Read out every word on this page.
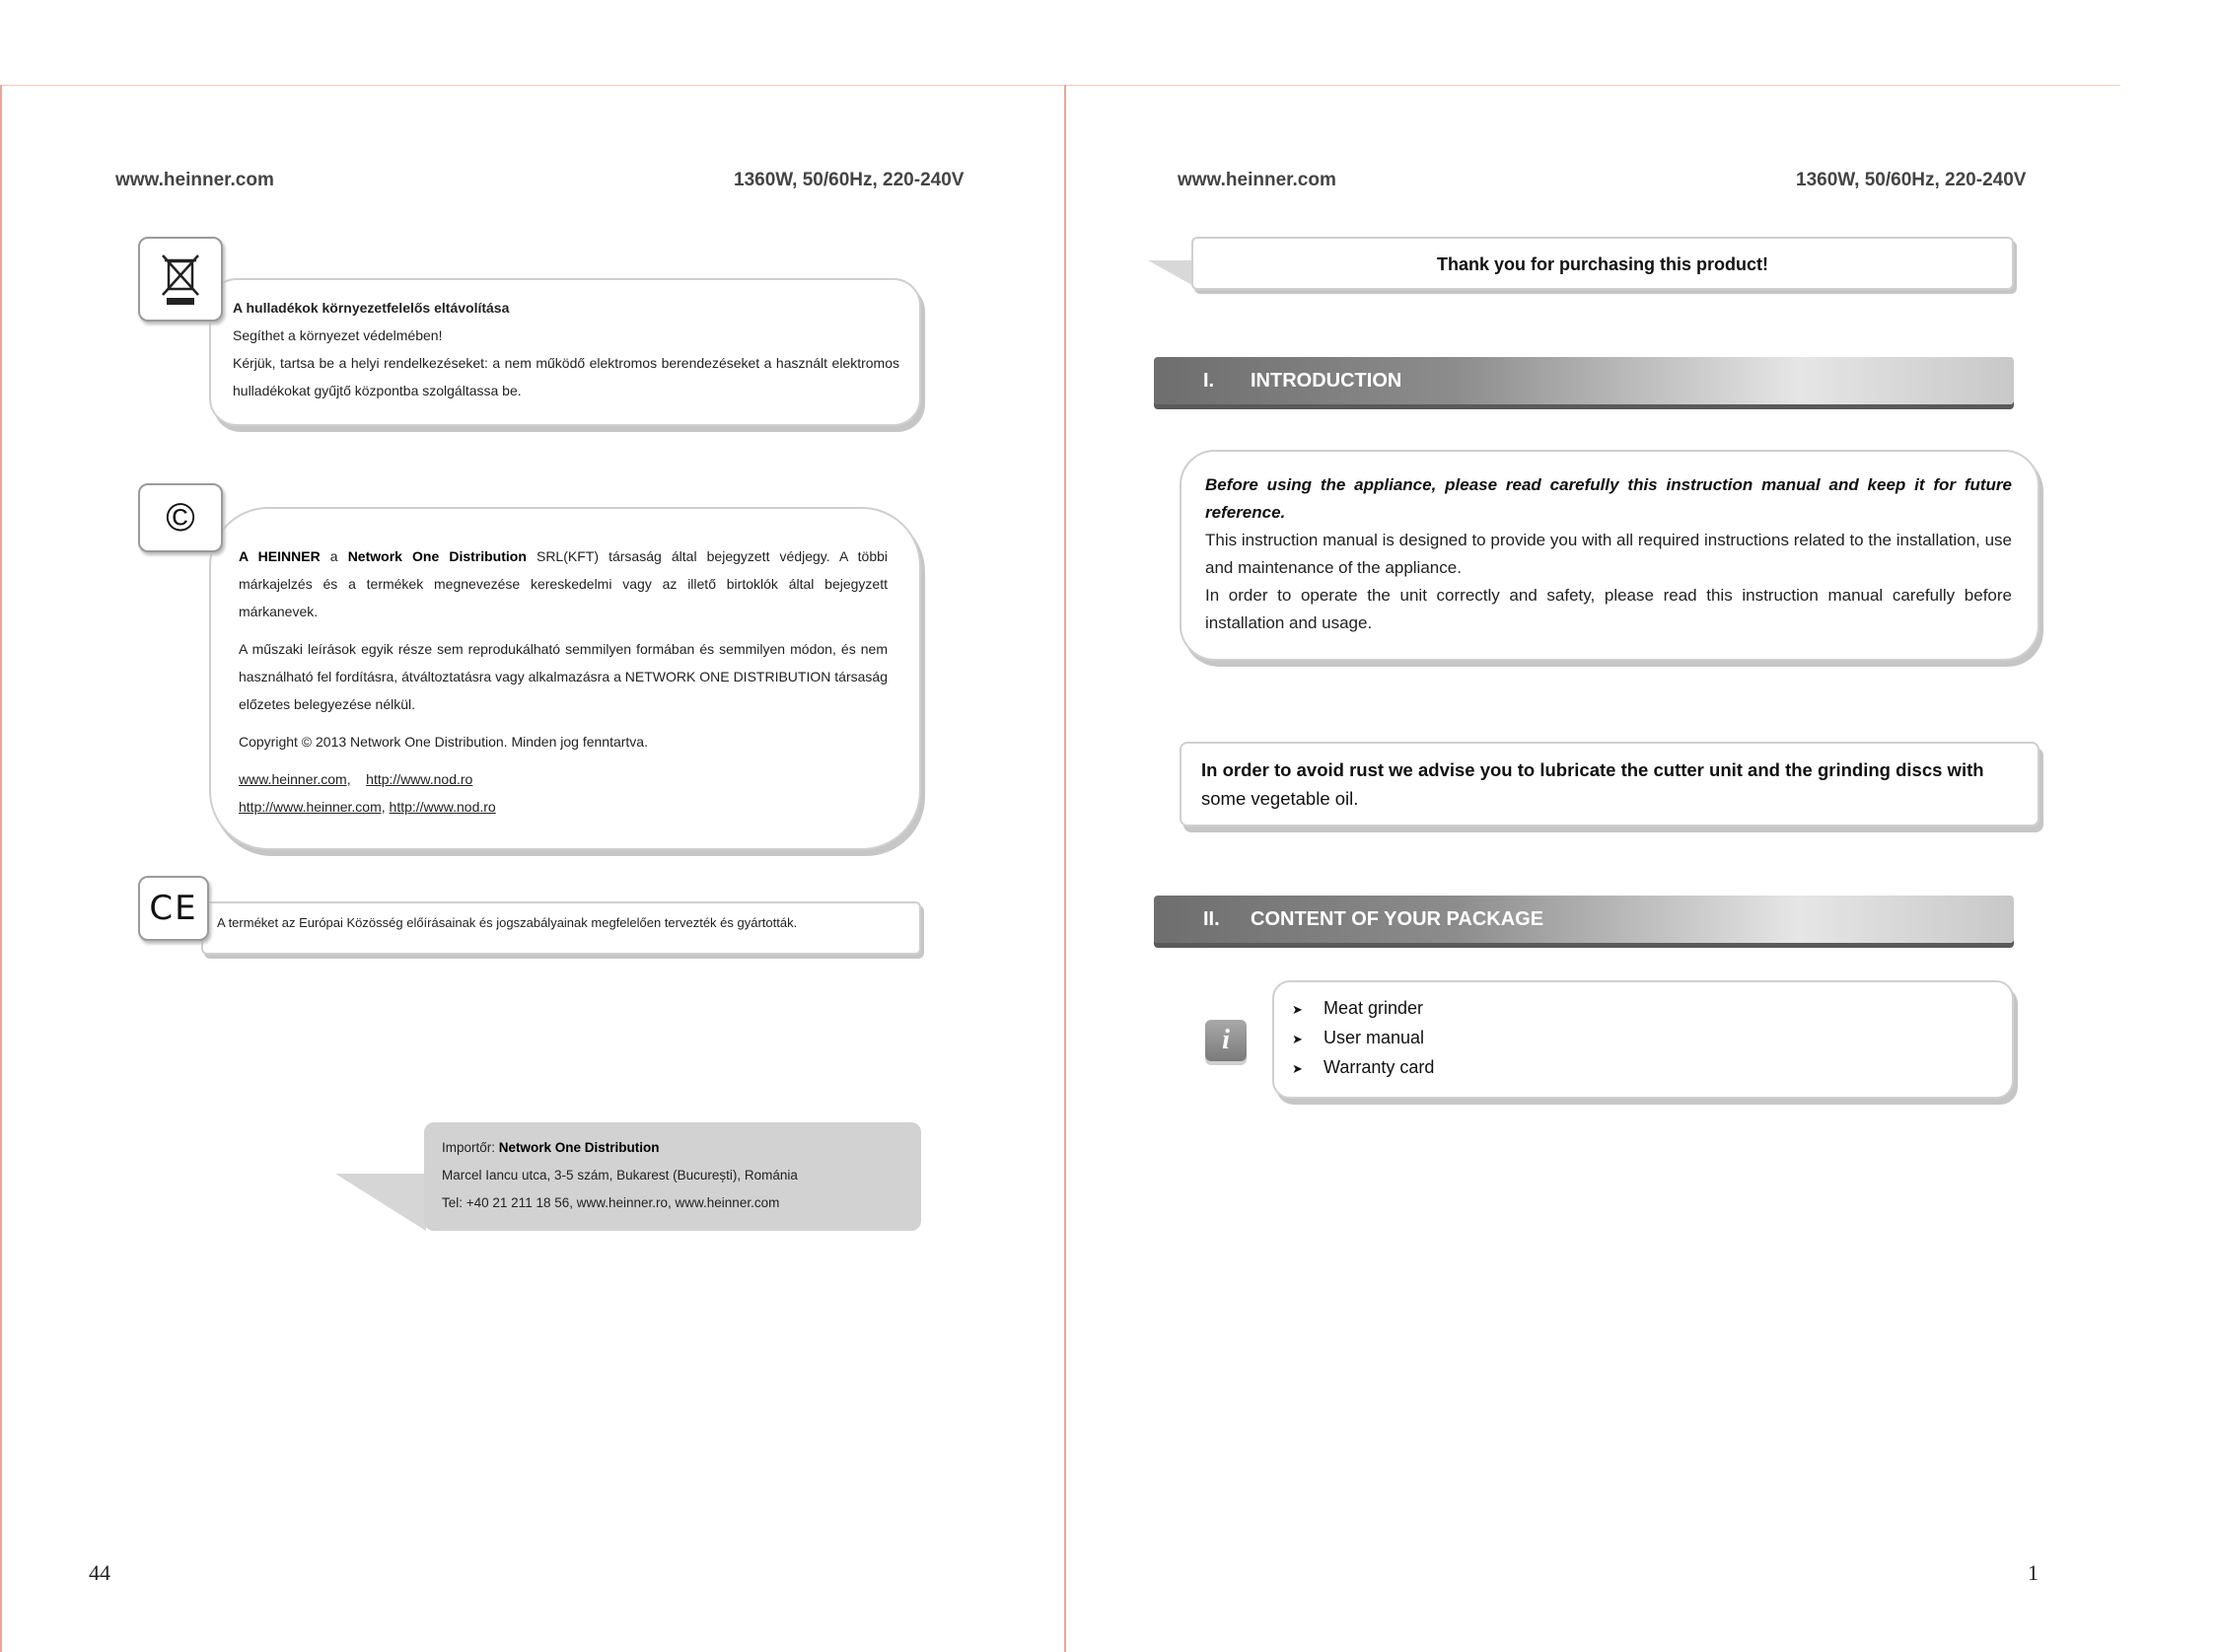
www.heinner.com	1360W, 50/60Hz, 220-240V
A hulladékok környezetfelelős eltávolítása
Segíthet a környezet védelmében!
Kérjük, tartsa be a helyi rendelkezéseket: a nem működő elektromos berendezéseket a használt elektromos hulladékokat gyűjtő központba szolgáltassa be.
A HEINNER a Network One Distribution SRL(KFT) társaság által bejegyzett védjegy. A többi márkajelzés és a termékek megnevezése kereskedelmi vagy az illető birtoklók által bejegyzett márkanevek.
A műszaki leírások egyik része sem reprodukálható semmilyen formában és semmilyen módon, és nem használható fel fordításra, átváltoztatásra vagy alkalmazásra a NETWORK ONE DISTRIBUTION társaság előzetes belegyezése nélkül.
Copyright © 2013 Network One Distribution. Minden jog fenntartva.
www.heinner.com, http://www.nod.ro
http://www.heinner.com, http://www.nod.ro
©
A terméket az Európai Közösség előírásainak és jogszabályainak megfelelően tervezték és gyártották.
CE
Importőr: Network One Distribution
Marcel Iancu utca, 3-5 szám, Bukarest (București), Románia
Tel: +40 21 211 18 56, www.heinner.ro, www.heinner.com
44
www.heinner.com	1360W, 50/60Hz, 220-240V
Thank you for purchasing this product!
I. INTRODUCTION
Before using the appliance, please read carefully this instruction manual and keep it for future reference.
This instruction manual is designed to provide you with all required instructions related to the installation, use and maintenance of the appliance.
In order to operate the unit correctly and safety, please read this instruction manual carefully before installation and usage.
In order to avoid rust we advise you to lubricate the cutter unit and the grinding discs with
some vegetable oil.
II. CONTENT OF YOUR PACKAGE
i
➤ Meat grinder
➤ User manual
➤ Warranty card
1
